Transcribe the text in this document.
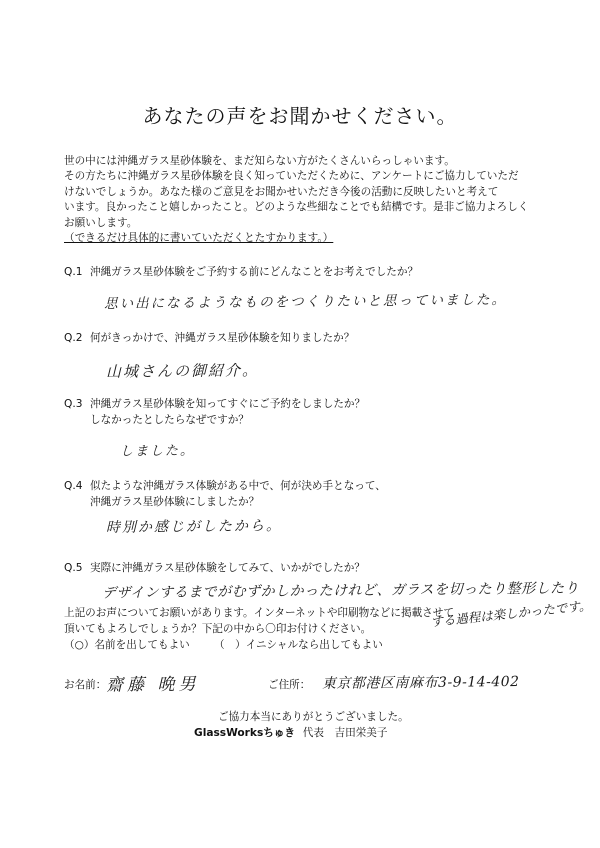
あなたの声をお聞かせください。
世の中には沖縄ガラス星砂体験を、まだ知らない方がたくさんいらっしゃいます。
その方たちに沖縄ガラス星砂体験を良く知っていただくために、アンケートにご協力していただ
けないでしょうか。あなた様のご意見をお聞かせいただき今後の活動に反映したいと考えて
います。良かったこと嬉しかったこと。どのような些細なことでも結構です。是非ご協力よろしく
お願いします。
（できるだけ具体的に書いていただくとたすかります。）
Q.1 沖縄ガラス星砂体験をご予約する前にどんなことをお考えでしたか？
思い出になるようなものをつくりたいと思っていました。
Q.2 何がきっかけで、沖縄ガラス星砂体験を知りましたか？
山城さんの御紹介。
Q.3 沖縄ガラス星砂体験を知ってすぐにご予約をしましたか？
しなかったとしたらなぜですか？
しました。
Q.4 似たような沖縄ガラス体験がある中で、何が決め手となって、
沖縄ガラス星砂体験にしましたか？
時別か感じがしたから。
Q.5 実際に沖縄ガラス星砂体験をしてみて、いかがでしたか？
デザインするまでがむずかしかったけれど、ガラスを切ったり整形したり
する過程は楽しかったです。
上記のお声についてお願いがあります。インターネットや印刷物などに掲載させて
頂いてもよろしでしょうか？下記の中から〇印お付けください。
（○）名前を出してもよい （　）イニシャルなら出してもよい
お名前： 齋藤 晩男	ご住所： 東京都港区南麻布3-9-14-402
ご協力本当にありがとうございました。
GlassWorksちゅき 代表　吉田栄美子
